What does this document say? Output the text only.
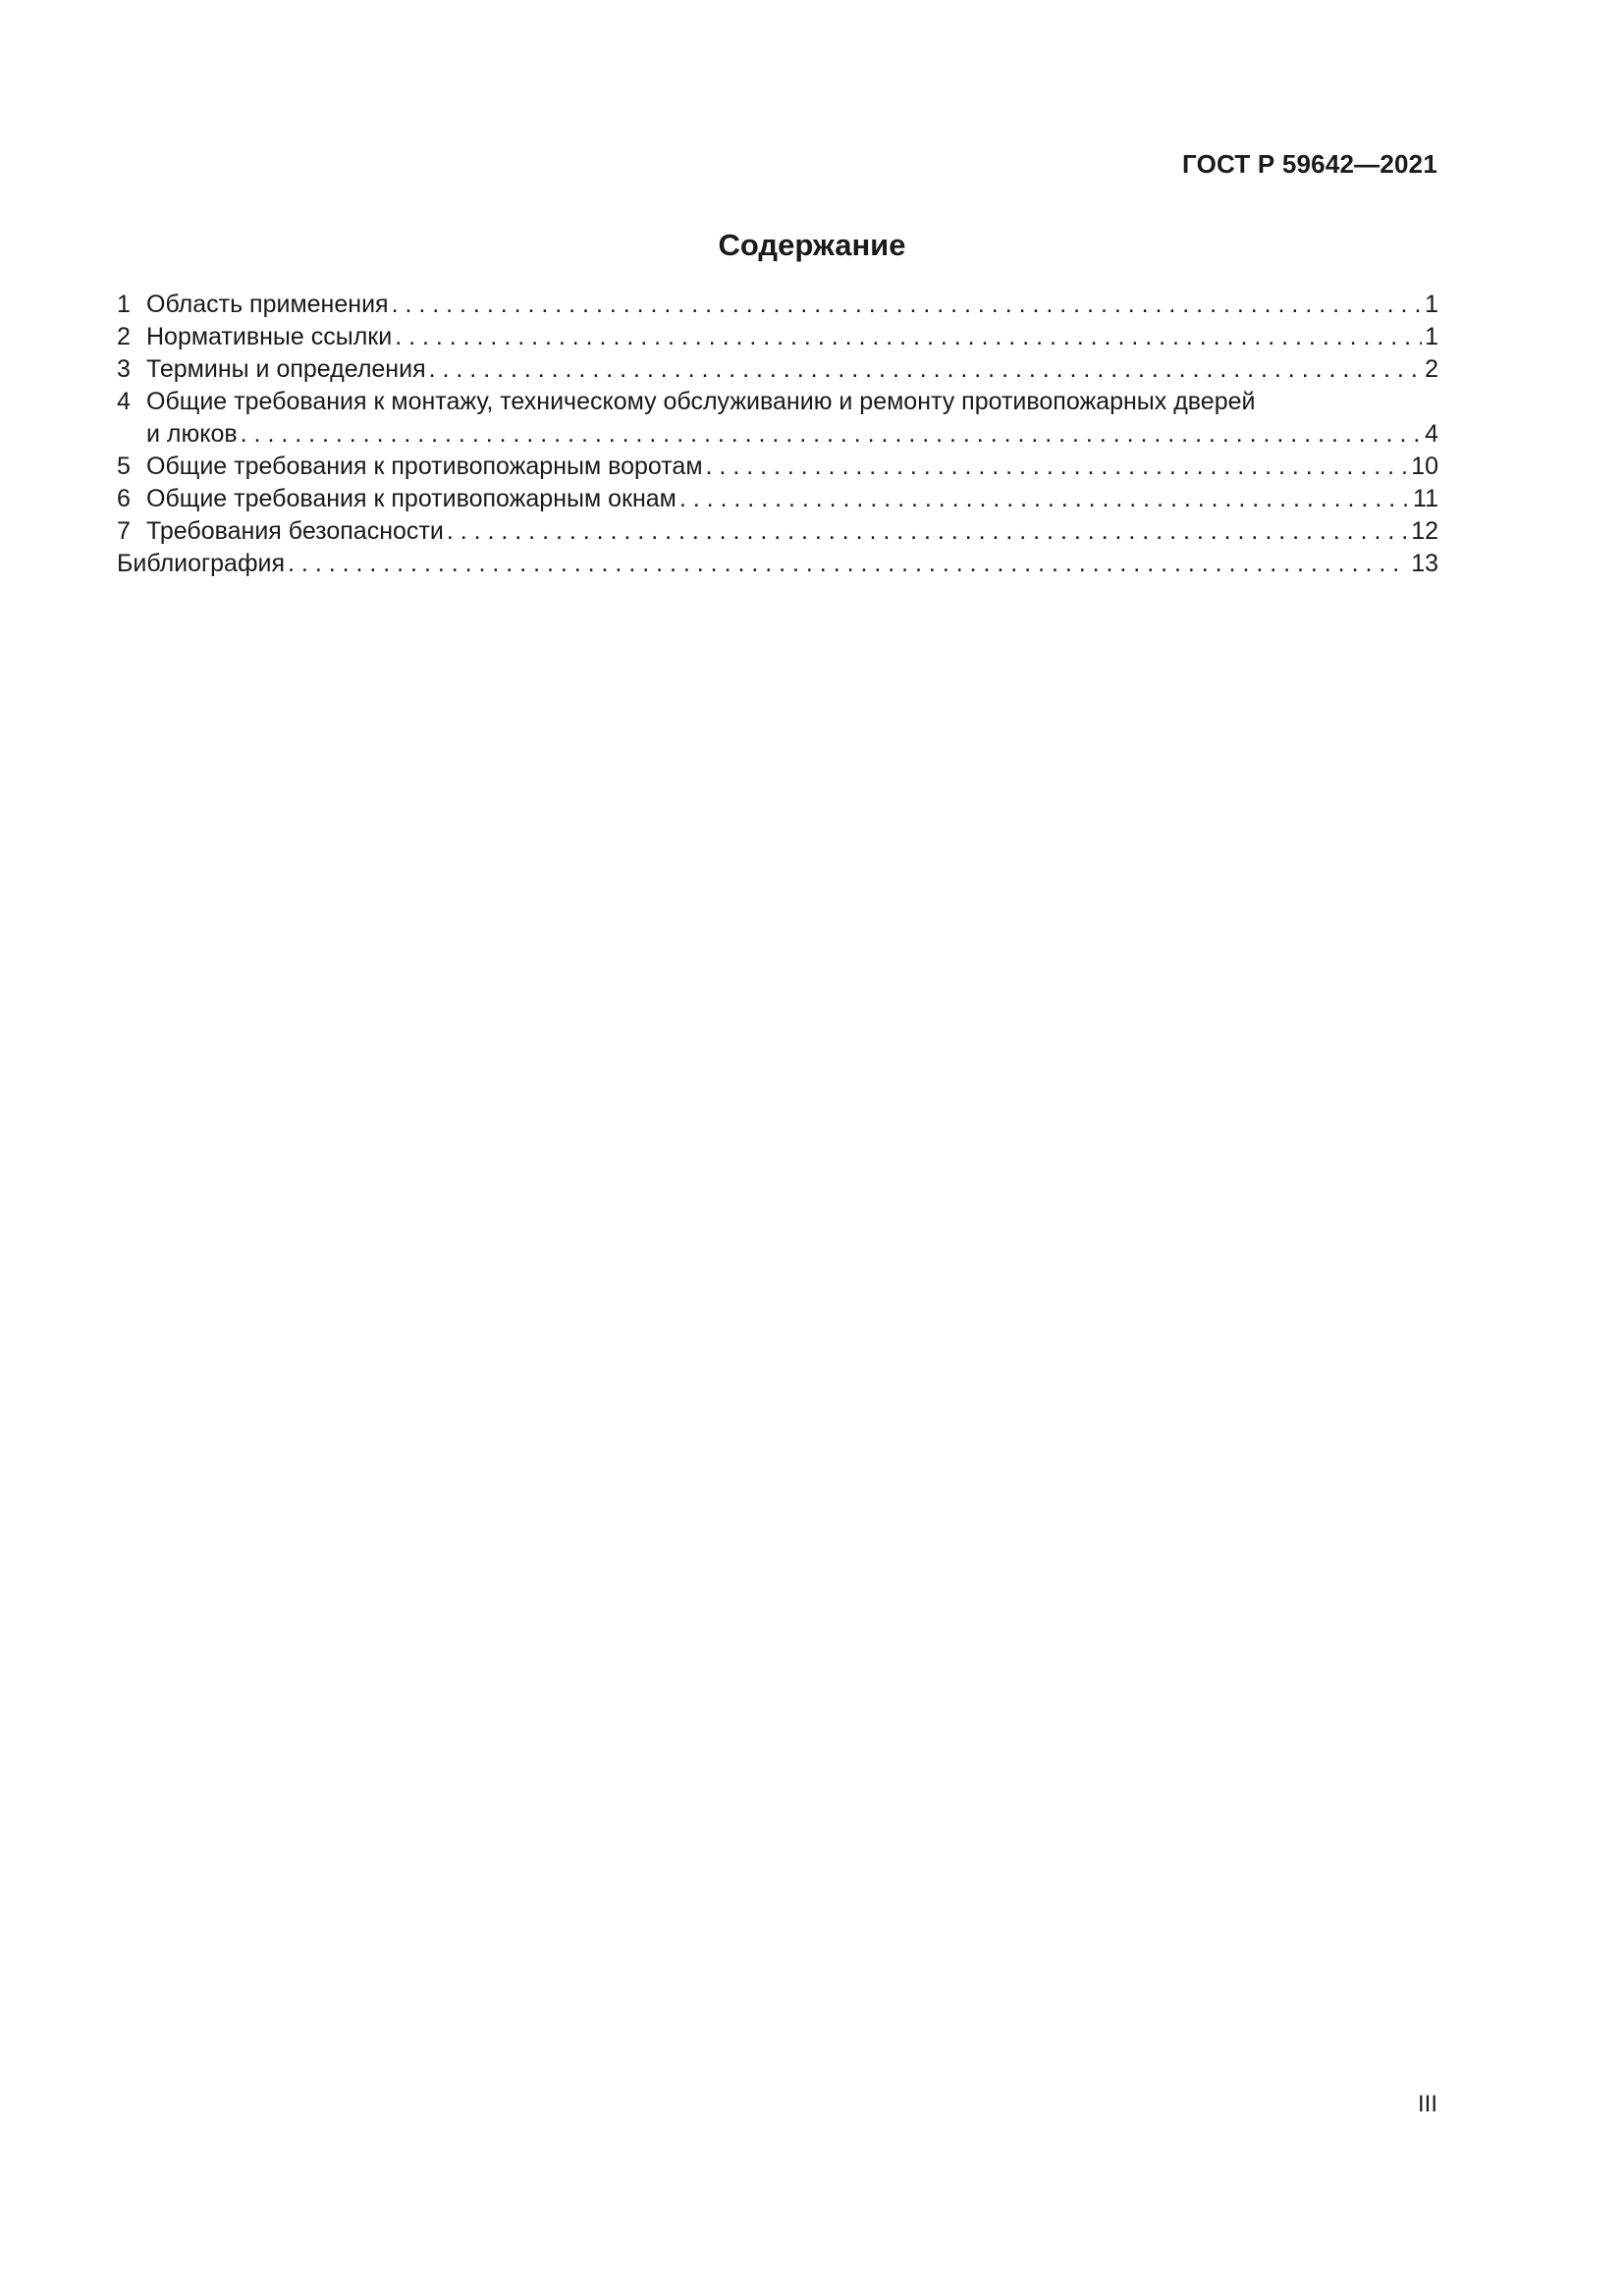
ГОСТ Р 59642—2021
Содержание
1 Область применения . . .	1
2 Нормативные ссылки . . .	1
3 Термины и определения . . .	2
4 Общие требования к монтажу, техническому обслуживанию и ремонту противопожарных дверей
и люков . . .	4
5 Общие требования к противопожарным воротам . . .	10
6 Общие требования к противопожарным окнам . . .	11
7 Требования безопасности . . .	12
Библиография . . .	13
III
